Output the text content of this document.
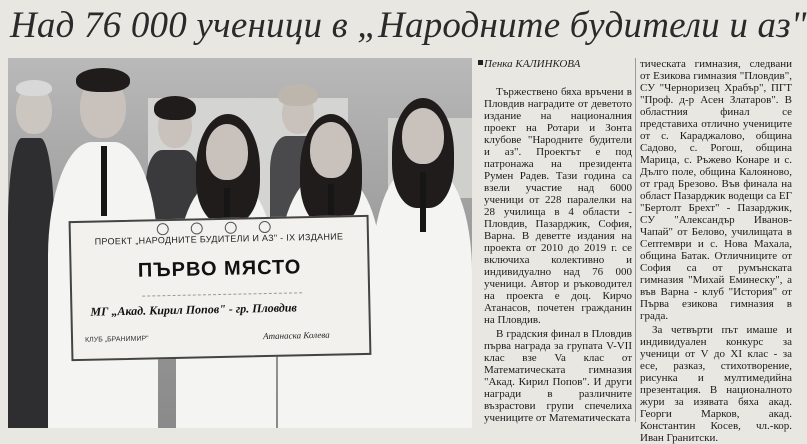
Над 76 000 ученици в „Народните будители и аз"
ПРОЕКТ „НАРОДНИТЕ БУДИТЕЛИ И АЗ" - IX ИЗДАНИЕ
ПЪРВО МЯСТО
МГ „Акад. Кирил Попов" - гр. Пловдив
КЛУБ „БРАНИМИР"	Атанаска Колева
Пенка КАЛИНКОВА

Тържествено бяха връчени в Пловдив наградите от деветото издание на националния проект на Ротари и Зонта клубове "Народните будители и аз". Проектът е под патронажа на президента Румен Радев. Тази година са взели участие над 6000 ученици от 228 паралелки на 28 училища в 4 области - Пловдив, Пазарджик, София, Варна. В деветте издания на проекта от 2010 до 2019 г. се включиха колективно и индивидуално над 76 000 ученици. Автор и ръководител на проекта е доц. Кирчо Атанасов, почетен гражданин на Пловдив.

В градския финал в Пловдив първа награда за групата V-VII клас взе Va клас от Математическата гимназия "Акад. Кирил Попов". И други награди в различните възрастови групи спечелиха учениците от Математическата

тическата гимназия, следвани от Езикова гимназия "Пловдив", СУ "Черноризец Храбър", ПГТ "Проф. д-р Асен Златаров". В областния финал се представиха отлично учениците от с. Караджалово, община Садово, с. Рогош, община Марица, с. Ръжево Конаре и с. Дълго поле, община Калояново, от град Брезово. Във финала на област Пазарджик водещи са ЕГ "Бертолт Брехт" - Пазарджик, СУ "Александър Иванов-Чапай" от Белово, училищата в Септември и с. Нова Махала, община Батак. Отличниците от София са от румънската гимназия "Михай Еминеску", а във Варна - клуб "История" от Първа езикова гимназия в града.

За четвърти път имаше и индивидуален конкурс за ученици от V до XI клас - за есе, разказ, стихотворение, рисунка и мултимедийна презентация. В националното жури за изявата бяха акад. Георги Марков, акад. Константин Косев, чл.-кор. Иван Гранитски.
